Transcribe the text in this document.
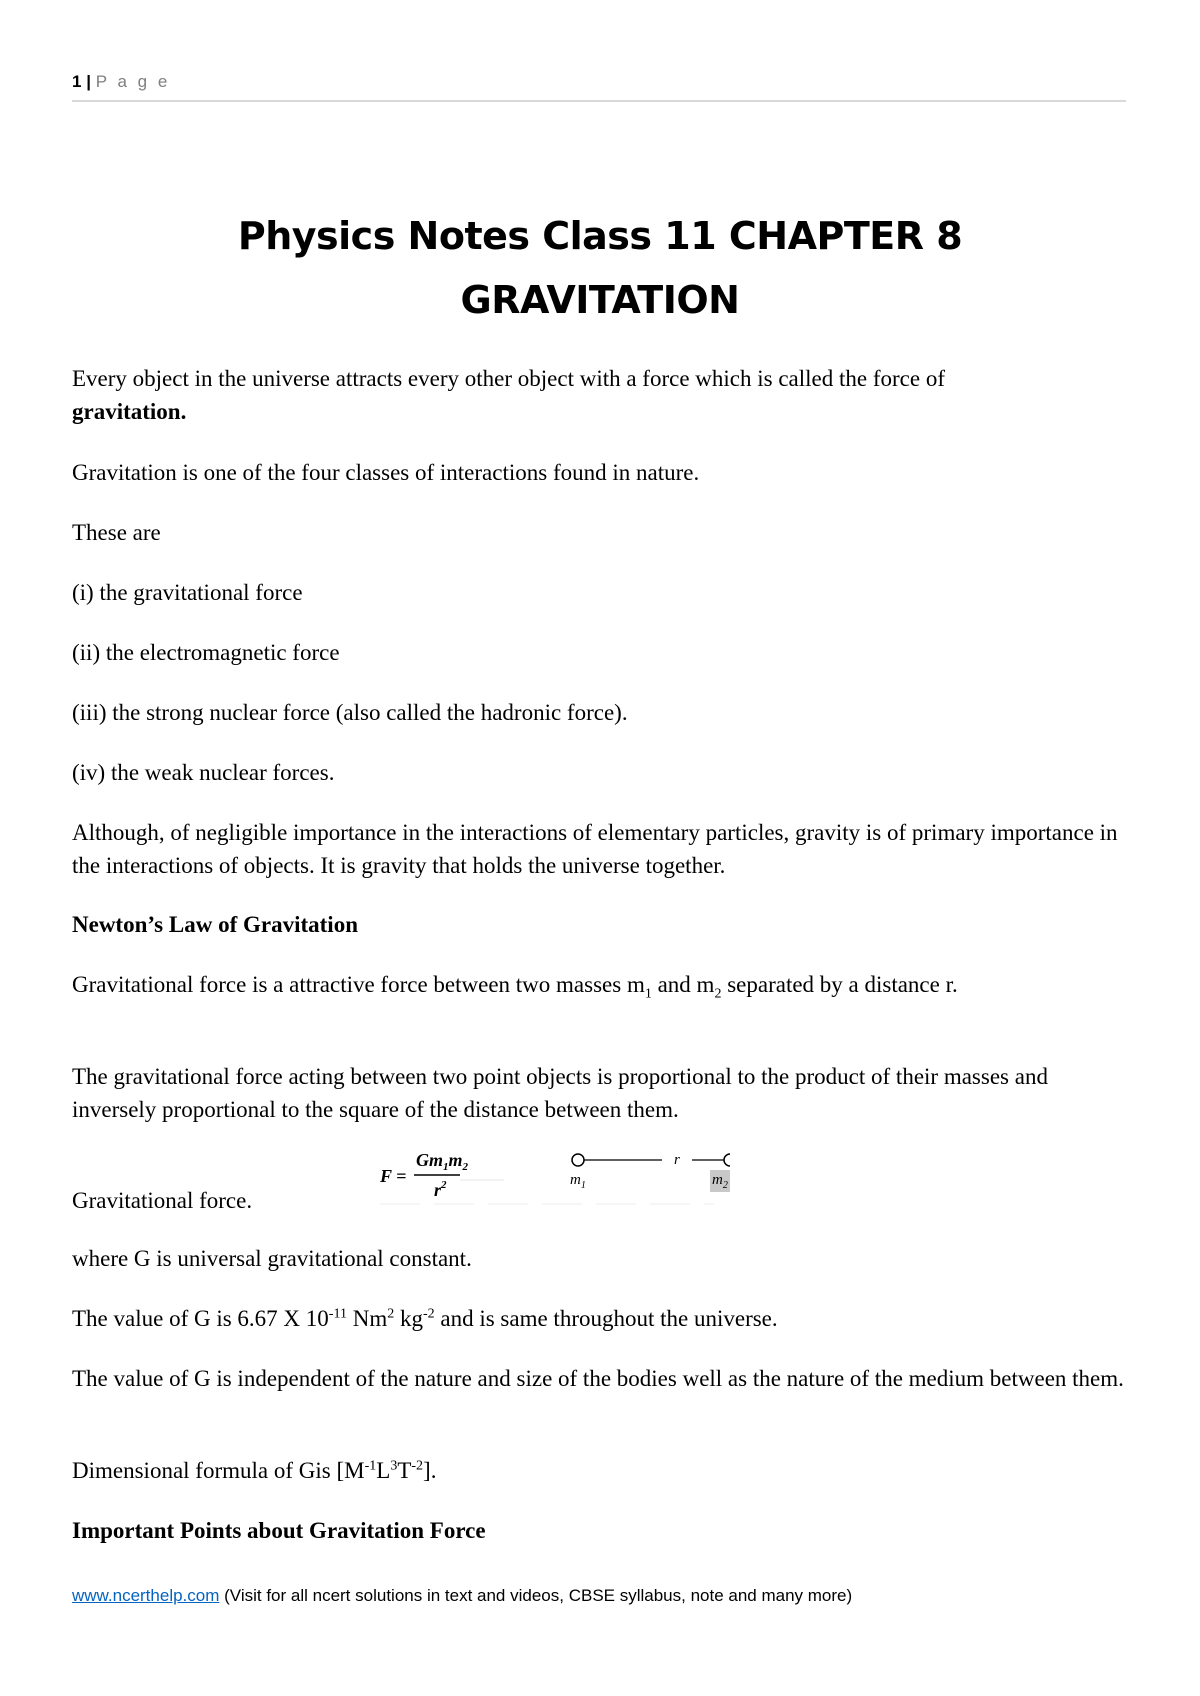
1 | P a g e
Physics Notes Class 11 CHAPTER 8
GRAVITATION

Every object in the universe attracts every other object with a force which is called the force of
gravitation.

Gravitation is one of the four classes of interactions found in nature.

These are

(i) the gravitational force

(ii) the electromagnetic force

(iii) the strong nuclear force (also called the hadronic force).

(iv) the weak nuclear forces.

Although, of negligible importance in the interactions of elementary particles, gravity is of primary importance in the interactions of objects. It is gravity that holds the universe together.

Newton’s Law of Gravitation

Gravitational force is a attractive force between two masses $m_1$ and $m_2$ separated by a distance r.

The gravitational force acting between two point objects is proportional to the product of their masses and inversely proportional to the square of the distance between them.

Gravitational force.
F =
$Gm_1m_2$
$r^2$
r
$m_1$	$m_2$

where G is universal gravitational constant.

The value of G is 6.67 X $10^{-11}$ Nm$^2$ $kg^{-2}$ and is same throughout the universe.

The value of G is independent of the nature and size of the bodies well as the nature of the medium between them.

Dimensional formula of Gis $[M^{-1}L^3T^{-2}]$.

Important Points about Gravitation Force

www.ncerthelp.com (Visit for all ncert solutions in text and videos, CBSE syllabus, note and many more)
